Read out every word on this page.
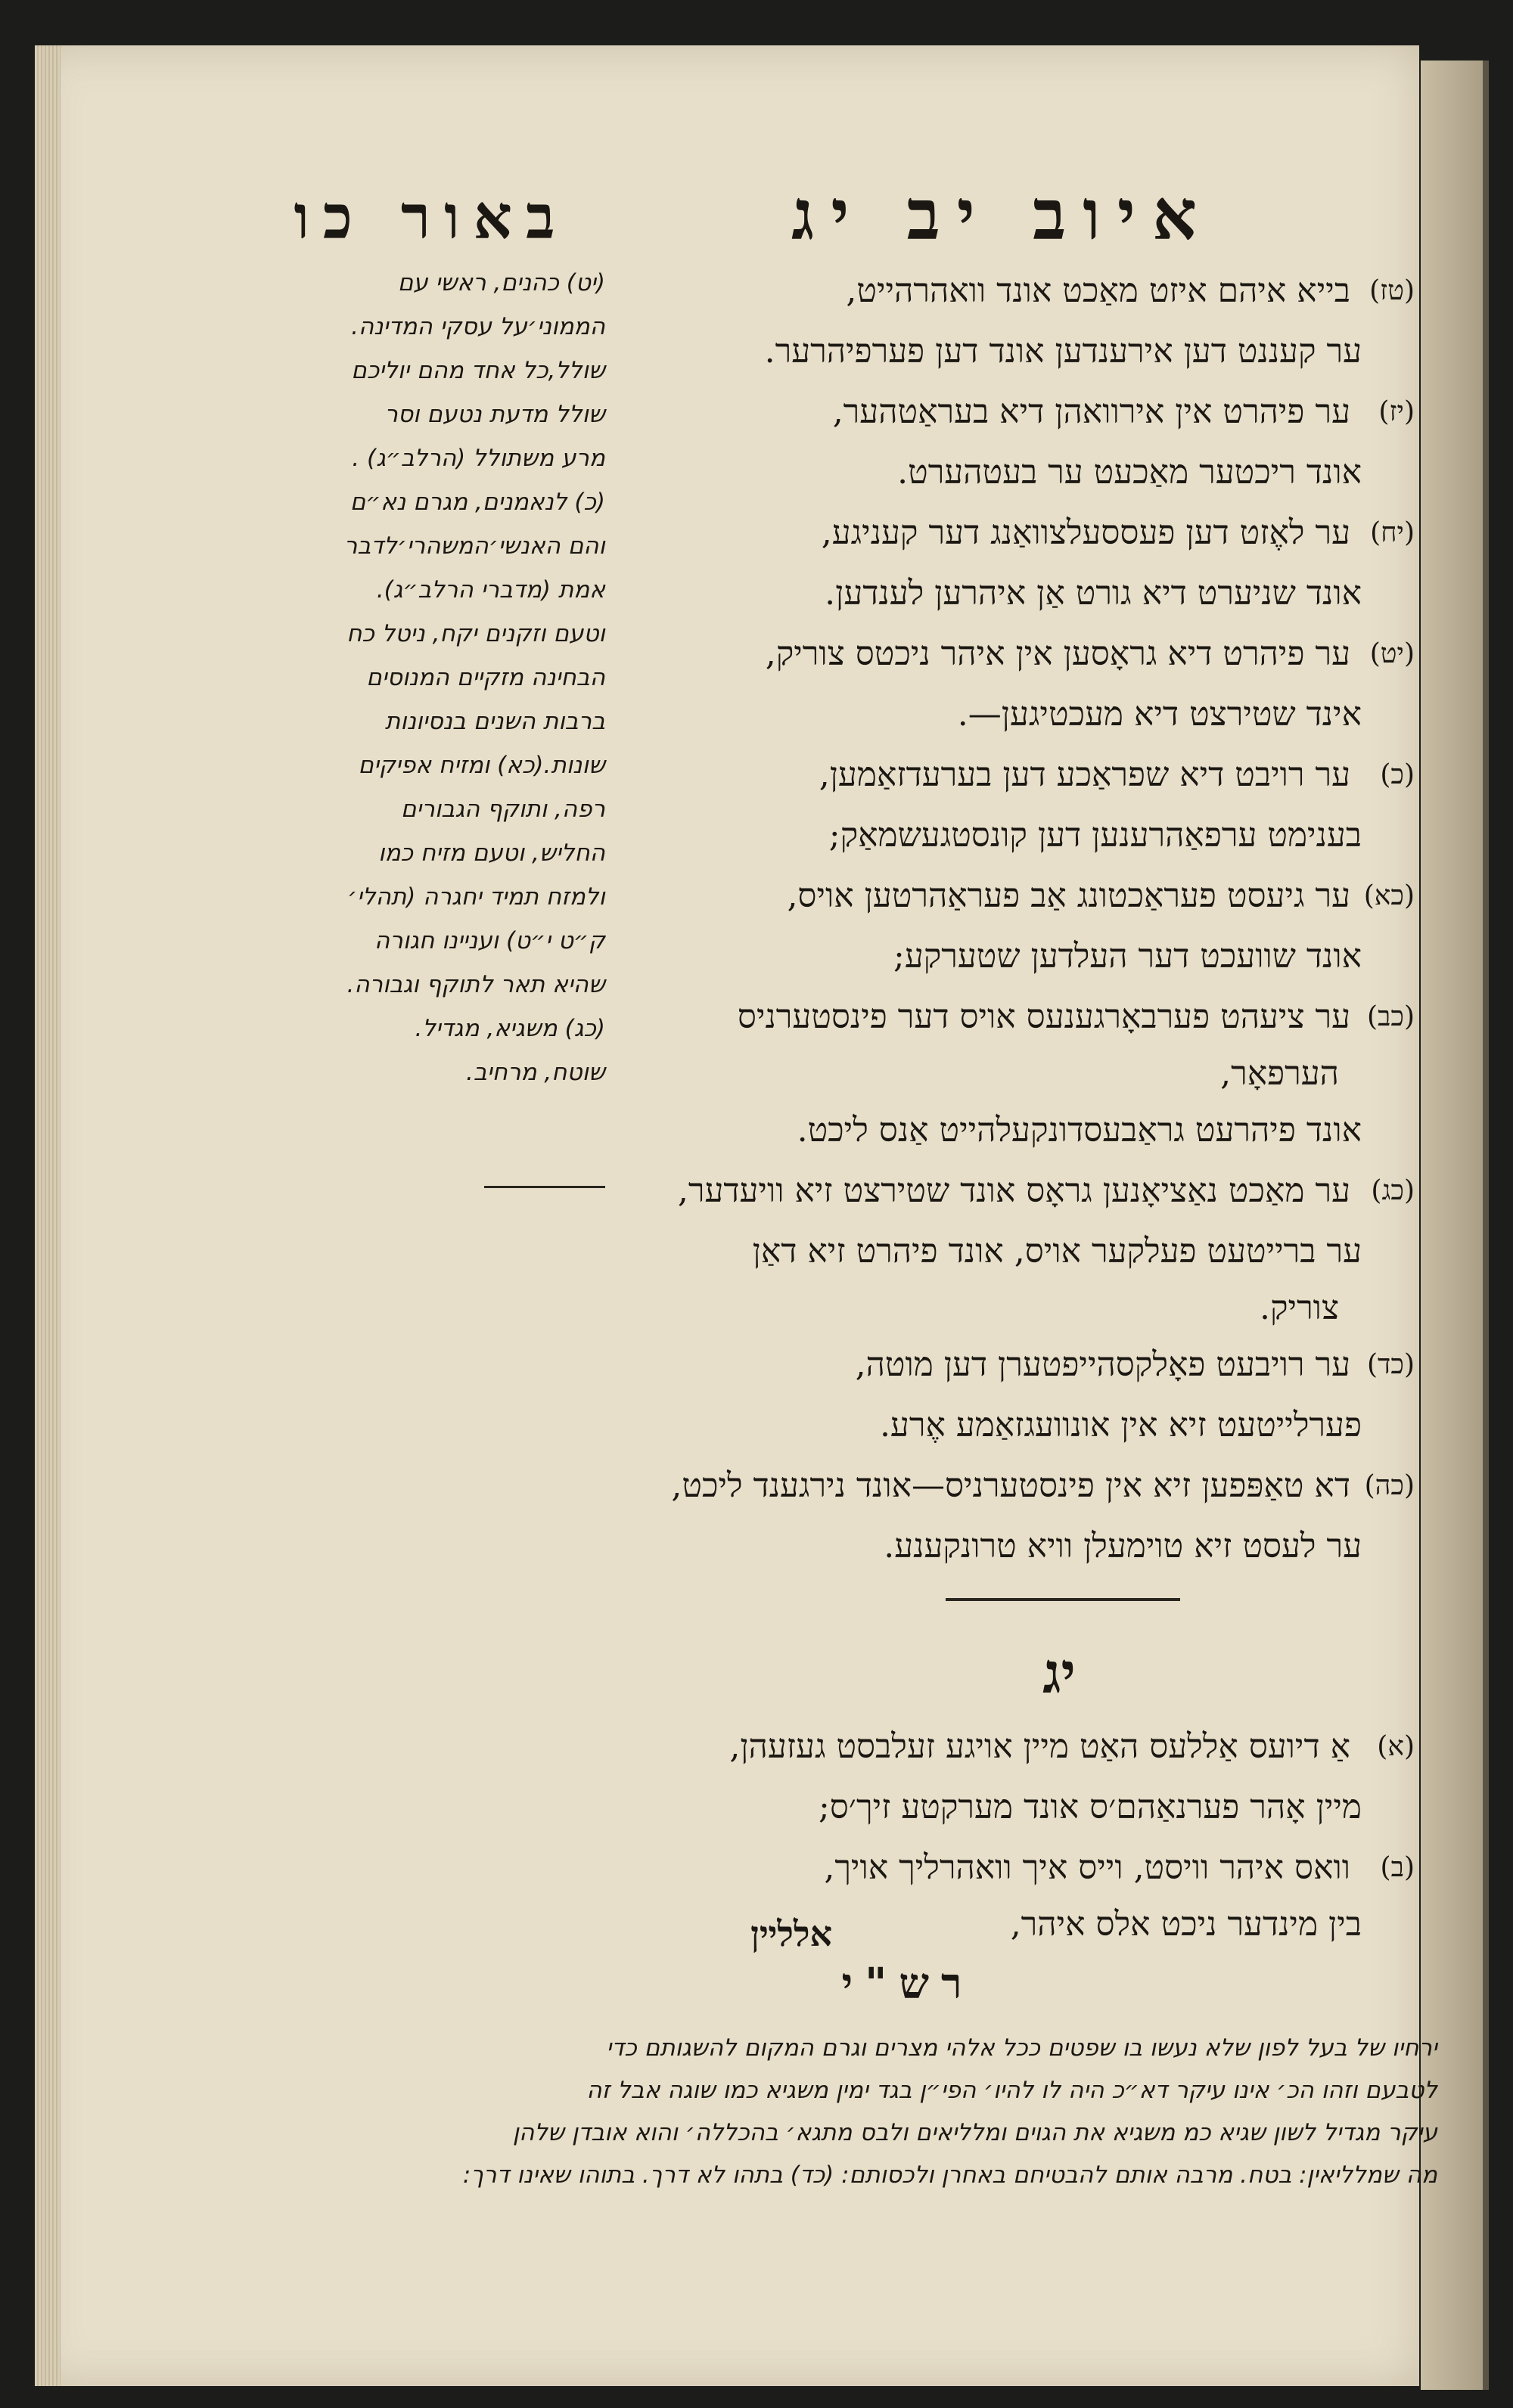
איוב יב יג
באור כו
(טז)
בייא איהם איזט מאַכט אונד וואהרהייט,
ער קעננט דען אירענדען אונד דען פערפיהרער.
(יז)
ער פיהרט אין אירוואהן דיא בעראַטהער,
אונד ריכטער מאַכעט ער בעטהערט.
(יח)
ער לאֶזט דען פעססעלצוואַנג דער קעניגע,
אונד שניערט דיא גורט אַן איהרען לענדען.
(יט)
ער פיהרט דיא גראָסען אין איהר ניכטס צוריק,
אינד שטירצט דיא מעכטיגען—.
(כ)
ער רויבט דיא שפראַכע דען בערעדזאַמען,
בענימט ערפאַהרענען דען קונסטגעשמאַק;
(כא)
ער גיעסט פעראַכטונג אַב פעראַהרטען אויס,
אונד שוועכט דער העלדען שטערקע;
(כב)
ער ציעהט פערבאָרגענעס אויס דער פינסטערניס
הערפאָר,
אונד פיהרעט גראַבעסדונקעלהייט אַנס ליכט.
(כג)
ער מאַכט נאַציאָנען גראָס אונד שטירצט זיא וויעדער,
ער ברייטעט פעלקער אויס, אונד פיהרט זיא דאַן
צוריק.
(כד)
ער רויבעט פאָלקסהייפטערן דען מוטה,
פערלייטעט זיא אין אונוועגזאַמע אֶרע.
(כה)
דא טאַפּפען זיא אין פינסטערניס—אונד נירגענד ליכט,
ער לעסט זיא טוימעלן וויא טרונקענע.
יג
(א)
אַ דיועס אַללעס האַט מיין אויגע זעלבסט געזעהן,
מיין אָהר פערנאַהם׳ס אונד מערקטע זיך׳ס;
(ב)
וואס איהר וויסט, וייס איך וואהרליך אויך,
בין מינדער ניכט אלס איהר,
אללײן
רש"י
ירחיו של בעל לפון שלא נעשו בו שפטים ככל אלהי מצרים וגרם המקום להשגותם כדי
לטבעם וזהו הכ׳ אינו עיקר דא״כ היה לו להיו׳ הפי״ן בגד ימין משגיא כמו שוגה אבל זה
עיקר מגדיל לשון שגיא כמ משגיא את הגוים ומלליאים ולבס מתגא׳ בהכללה׳ והוא אובדן שלהן
מה שמלליאין: בטח. מרבה אותם להבטיחם באחרן ולכסותם: (כד) בתהו לא דרך. בתוהו שאינו דרך:
(יט) כהנים, ראשי עם
הממוני׳על עסקי המדינה.
שולל,כל אחד מהם יוליכם
שולל מדעת נטעם וסר
מרע משתולל (הרלב״ג) .
(כ) לנאמנים, מגרם נא״ם
והם האנשי׳המשהרי׳לדבר
אמת (מדברי הרלב״ג).
וטעם וזקנים יקח, ניטל כח
הבחינה מזקיים המנוסים
ברבות השנים בנסיונות
שונות.(כא) ומזיח אפיקים
רפה, ותוקף הגבורים
החליש, וטעם מזיח כמו
ולמזח תמיד יחגרה (תהלי׳
ק״ט י״ט) ועניינו חגורה
שהיא תאר לתוקף וגבורה.
(כג) משגיא, מגדיל.
שוטח, מרחיב.
